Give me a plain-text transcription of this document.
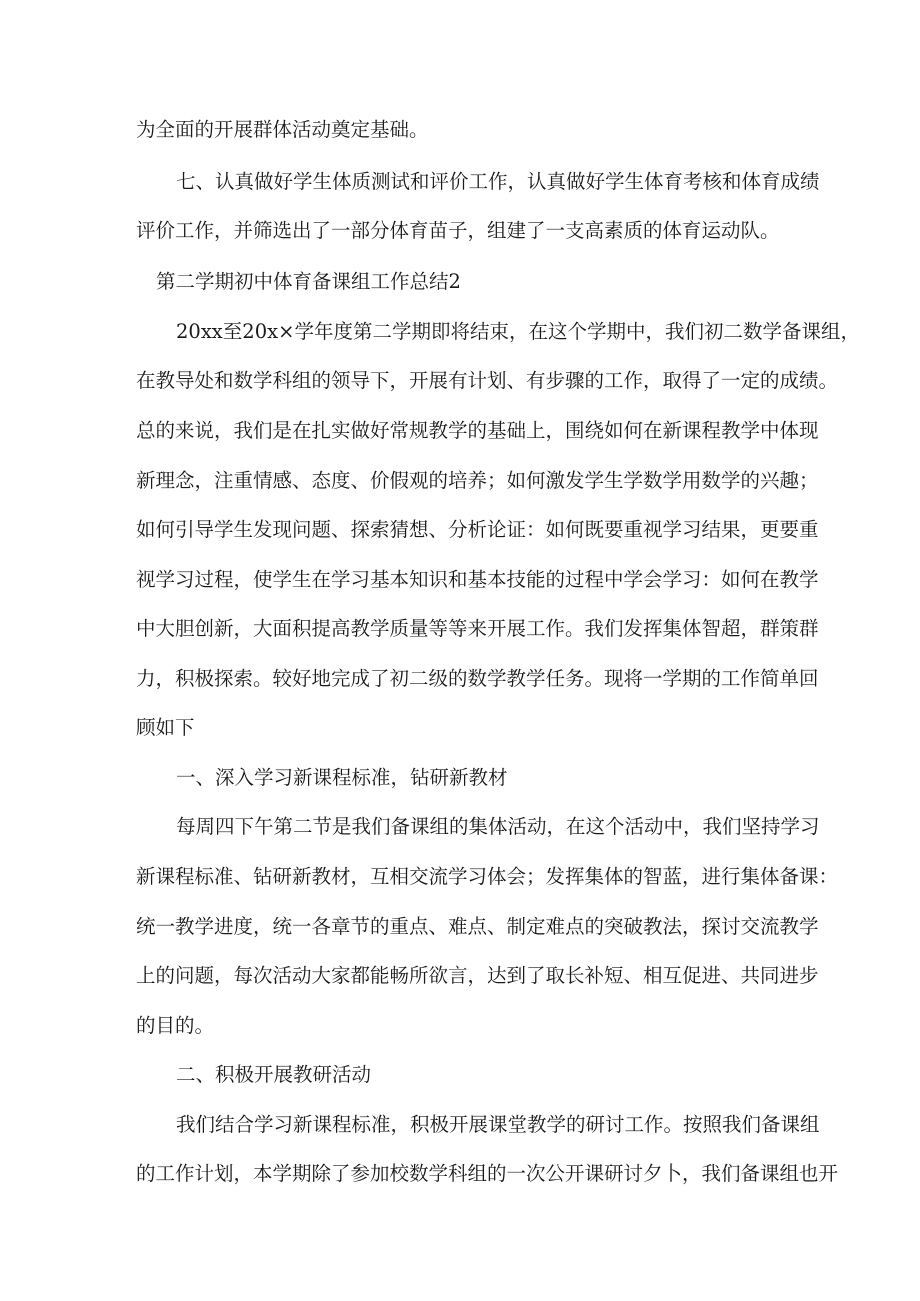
为全面的开展群体活动奠定基础。
七、认真做好学生体质测试和评价工作，认真做好学生体育考核和体育成绩
评价工作，并筛选出了一部分体育苗子，组建了一支高素质的体育运动队。
第二学期初中体育备课组工作总结2
20xx至20x×学年度第二学期即将结束，在这个学期中，我们初二数学备课组，
在教导处和数学科组的领导下，开展有计划、有步骤的工作，取得了一定的成绩。
总的来说，我们是在扎实做好常规教学的基础上，围绕如何在新课程教学中体现
新理念，注重情感、态度、价假观的培养；如何激发学生学数学用数学的兴趣；
如何引导学生发现问题、探索猜想、分析论证：如何既要重视学习结果，更要重
视学习过程，使学生在学习基本知识和基本技能的过程中学会学习：如何在教学
中大胆创新，大面积提高教学质量等等来开展工作。我们发挥集体智超，群策群
力，积极探索。较好地完成了初二级的数学教学任务。现将一学期的工作简单回
顾如下
一、深入学习新课程标准，钻研新教材
每周四下午第二节是我们备课组的集体活动，在这个活动中，我们坚持学习
新课程标准、钻研新教材，互相交流学习体会；发挥集体的智蓝，进行集体备课：
统一教学进度，统一各章节的重点、难点、制定难点的突破教法，探讨交流教学
上的问题，每次活动大家都能畅所欲言，达到了取长补短、相互促进、共同进步
的目的。
二、积极开展教研活动
我们结合学习新课程标准，积极开展课堂教学的研讨工作。按照我们备课组
的工作计划，本学期除了参加校数学科组的一次公开课研讨夕卜，我们备课组也开
